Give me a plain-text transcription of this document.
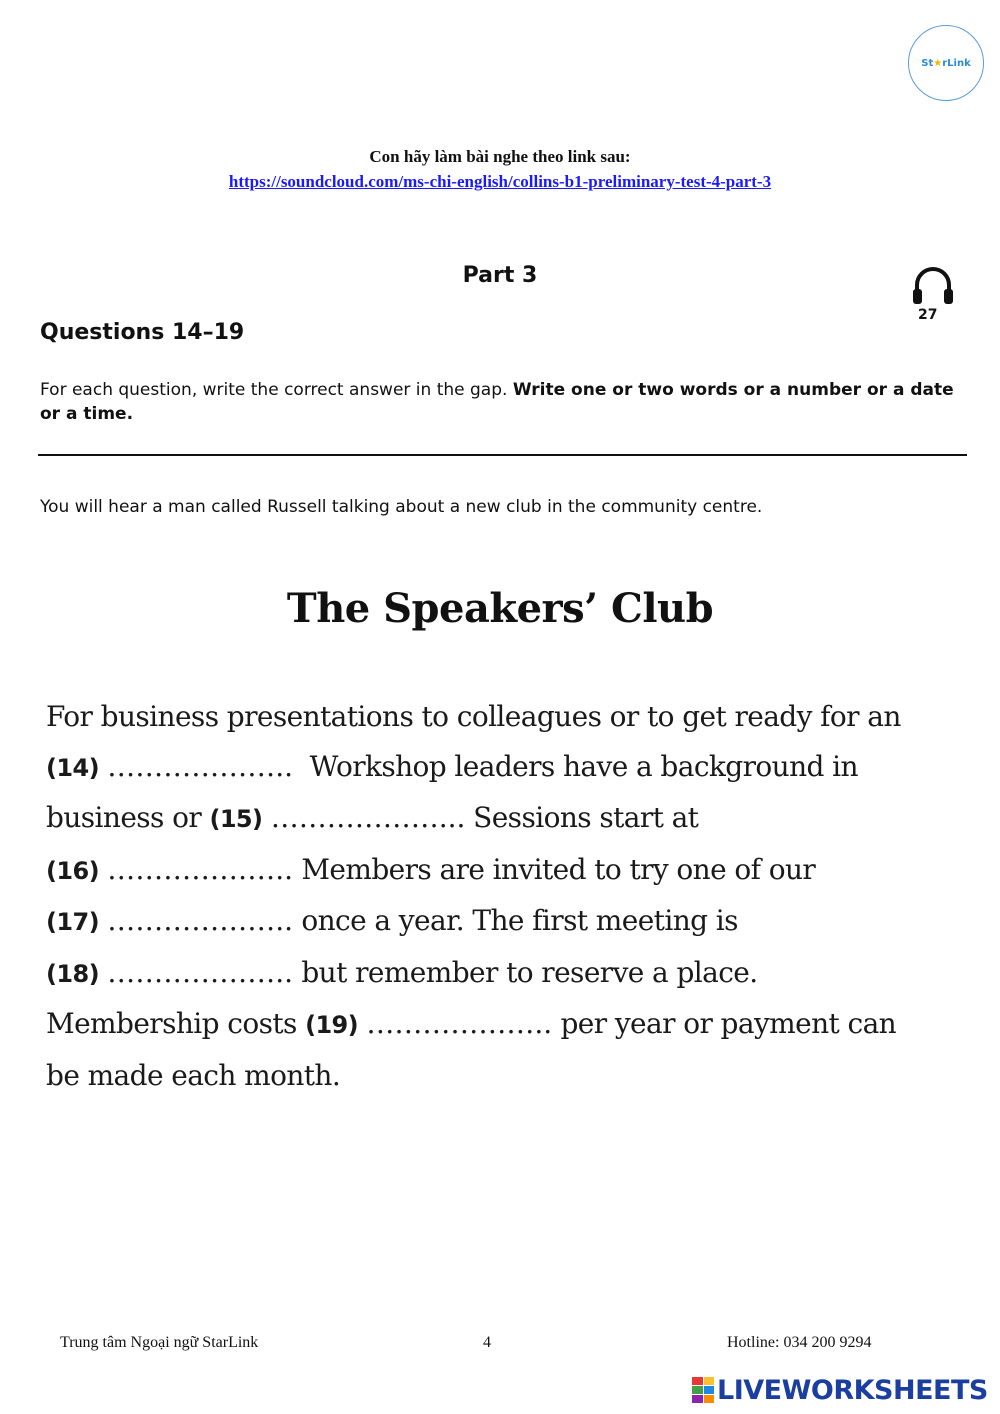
St ★ rLink
Con hãy làm bài nghe theo link sau:
https://soundcloud.com/ms-chi-english/collins-b1-preliminary-test-4-part-3
Part 3
27
Questions 14–19
For each question, write the correct answer in the gap. Write one or two words or a number or a date or a time.
You will hear a man called Russell talking about a new club in the community centre.
The Speakers’ Club
For business presentations to colleagues or to get ready for an
(14) ………………..  Workshop leaders have a background in
business or (15) ………………... Sessions start at
(16) ……………….. Members are invited to try one of our
(17) ……………….. once a year. The first meeting is
(18) ……………….. but remember to reserve a place.
Membership costs (19) ……………….. per year or payment can
be made each month.
Trung tâm Ngoại ngữ StarLink	4	Hotline: 034 200 9294
LIVEWORKSHEETS
